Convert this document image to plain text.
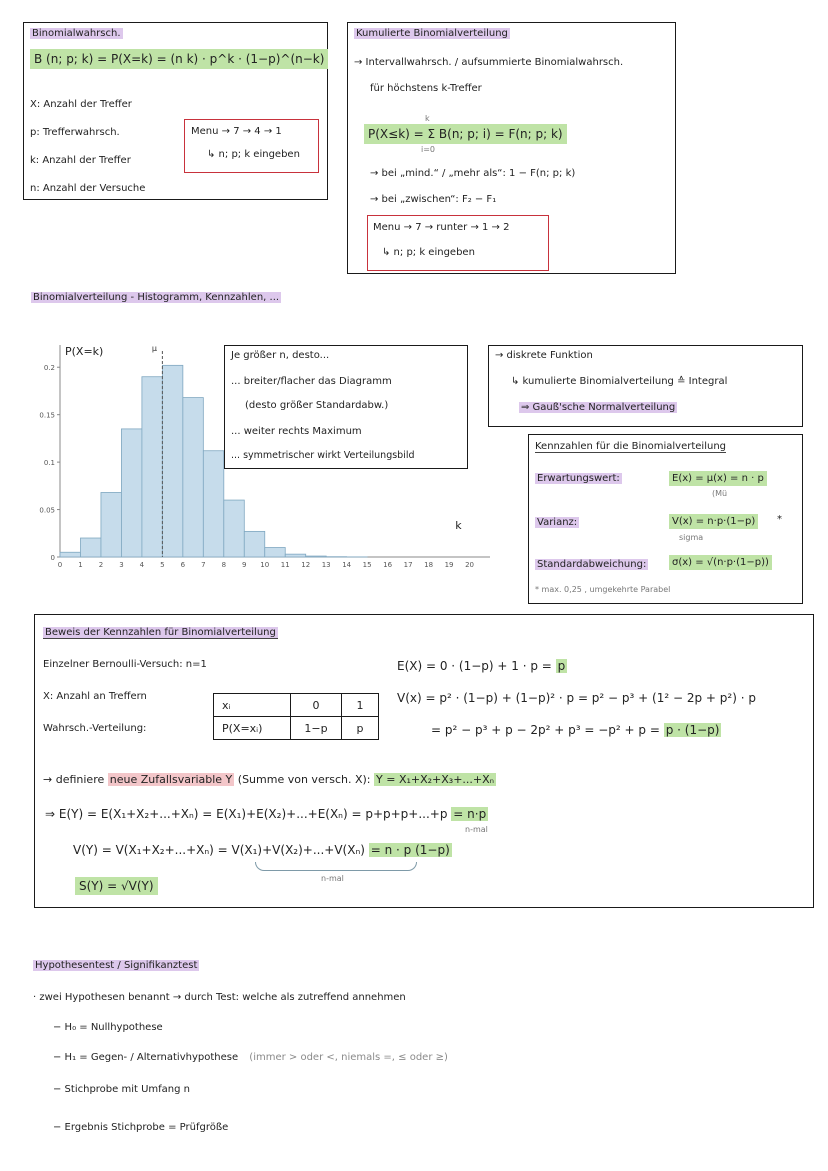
Binomialwahrsch.
B (n; p; k) = P(X=k) = (n k) · p^k · (1−p)^(n−k)
X: Anzahl der Treffer
p: Trefferwahrsch.
k: Anzahl der Treffer
n: Anzahl der Versuche
Menu → 7 → 4 → 1
↳ n; p; k eingeben
Kumulierte Binomialverteilung
→ Intervallwahrsch. / aufsummierte Binomialwahrsch.
für höchstens k-Treffer
k
P(X≤k) = Σ B(n; p; i) = F(n; p; k)
i=0
→ bei „mind.“ / „mehr als“: 1 − F(n; p; k)
→ bei „zwischen“: F₂ − F₁
Menu → 7 → runter → 1 → 2
↳ n; p; k eingeben
Binomialverteilung - Histogramm, Kennzahlen, ...
0
0.05
0.1
0.15
0.2
0 1 2 3 4 5 6 7 8 9 10 11 12 13 14 15 16 17 18 19 20
μ
P(X=k)
k
Je größer n, desto...
... breiter/flacher das Diagramm
(desto größer Standardabw.)
... weiter rechts Maximum
... symmetrischer wirkt Verteilungsbild
→ diskrete Funktion
↳ kumulierte Binomialverteilung ≙ Integral
⇒ Gauß'sche Normalverteilung
Kennzahlen für die Binomialverteilung
Erwartungswert:	E(x) = μ(x) = n · p
(Mü
Varianz:	V(x) = n·p·(1−p)	*
sigma
Standardabweichung:	σ(x) = √(n·p·(1−p))
* max. 0,25 , umgekehrte Parabel
Beweis der Kennzahlen für Binomialverteilung
Einzelner Bernoulli-Versuch: n=1
X: Anzahl an Treffern
Wahrsch.-Verteilung:
xᵢ	0	1
P(X=xᵢ)	1−p	p
E(X) = 0 · (1−p) + 1 · p = p
V(x) = p² · (1−p) + (1−p)² · p = p² − p³ + (1² − 2p + p²) · p
= p² − p³ + p − 2p² + p³ = −p² + p = p · (1−p)
→ definiere neue Zufallsvariable Y (Summe von versch. X): Y = X₁+X₂+X₃+...+Xₙ
⇒ E(Y) = E(X₁+X₂+...+Xₙ) = E(X₁)+E(X₂)+...+E(Xₙ) = p+p+p+...+p = n·p
n-mal
V(Y) = V(X₁+X₂+...+Xₙ) = V(X₁)+V(X₂)+...+V(Xₙ) = n · p (1−p)
n-mal
S(Y) = √V(Y)
Hypothesentest / Signifikanztest
· zwei Hypothesen benannt → durch Test: welche als zutreffend annehmen
− H₀ = Nullhypothese
− H₁ = Gegen- / Alternativhypothese (immer > oder <, niemals =, ≤ oder ≥)
− Stichprobe mit Umfang n
− Ergebnis Stichprobe = Prüfgröße
